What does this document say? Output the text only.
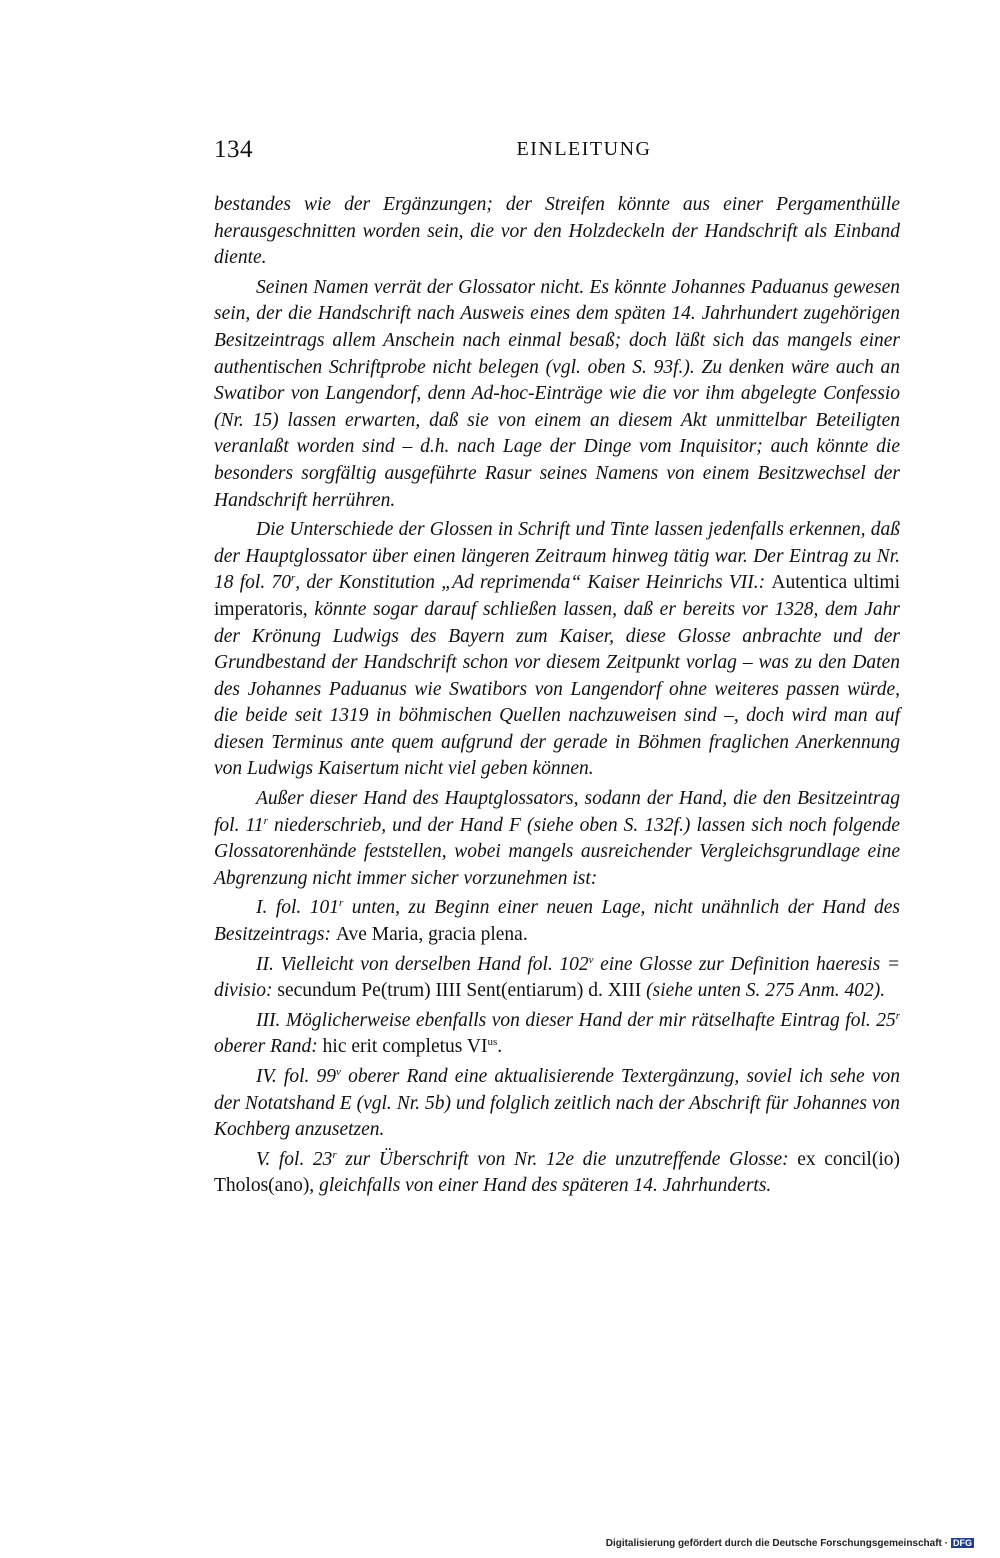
134	EINLEITUNG

bestandes wie der Ergänzungen; der Streifen könnte aus einer Pergamenthülle herausgeschnitten worden sein, die vor den Holzdeckeln der Handschrift als Einband diente.

Seinen Namen verrät der Glossator nicht. Es könnte Johannes Paduanus gewesen sein, der die Handschrift nach Ausweis eines dem späten 14. Jahrhundert zugehörigen Besitzeintrags allem Anschein nach einmal besaß; doch läßt sich das mangels einer authentischen Schriftprobe nicht belegen (vgl. oben S. 93f.). Zu denken wäre auch an Swatibor von Langendorf, denn Ad-hoc-Einträge wie die vor ihm abgelegte Confessio (Nr. 15) lassen erwarten, daß sie von einem an diesem Akt unmittelbar Beteiligten veranlaßt worden sind – d.h. nach Lage der Dinge vom Inquisitor; auch könnte die besonders sorgfältig ausgeführte Rasur seines Namens von einem Besitzwechsel der Handschrift herrühren.

Die Unterschiede der Glossen in Schrift und Tinte lassen jedenfalls erkennen, daß der Hauptglossator über einen längeren Zeitraum hinweg tätig war. Der Eintrag zu Nr. 18 fol. 70$^r$, der Konstitution „Ad reprimenda“ Kaiser Heinrichs VII.: Autentica ultimi imperatoris, könnte sogar darauf schließen lassen, daß er bereits vor 1328, dem Jahr der Krönung Ludwigs des Bayern zum Kaiser, diese Glosse anbrachte und der Grundbestand der Handschrift schon vor diesem Zeitpunkt vorlag – was zu den Daten des Johannes Paduanus wie Swatibors von Langendorf ohne weiteres passen würde, die beide seit 1319 in böhmischen Quellen nachzuweisen sind –, doch wird man auf diesen Terminus ante quem aufgrund der gerade in Böhmen fraglichen Anerkennung von Ludwigs Kaisertum nicht viel geben können.

Außer dieser Hand des Hauptglossators, sodann der Hand, die den Besitzeintrag fol. 11$^r$ niederschrieb, und der Hand F (siehe oben S. 132f.) lassen sich noch folgende Glossatorenhände feststellen, wobei mangels ausreichender Vergleichsgrundlage eine Abgrenzung nicht immer sicher vorzunehmen ist:

I. fol. 101$^r$ unten, zu Beginn einer neuen Lage, nicht unähnlich der Hand des Besitzeintrags: Ave Maria, gracia plena.

II. Vielleicht von derselben Hand fol. 102$^v$ eine Glosse zur Definition haeresis = divisio: secundum Pe(trum) IIII Sent(entiarum) d. XIII (siehe unten S. 275 Anm. 402).

III. Möglicherweise ebenfalls von dieser Hand der mir rätselhafte Eintrag fol. 25$^r$ oberer Rand: hic erit completus $VI^{us}$.

IV. fol. 99$^v$ oberer Rand eine aktualisierende Textergänzung, soviel ich sehe von der Notatshand E (vgl. Nr. 5b) und folglich zeitlich nach der Abschrift für Johannes von Kochberg anzusetzen.

V. fol. 23$^r$ zur Überschrift von Nr. 12e die unzutreffende Glosse: ex concil(io) Tholos(ano), gleichfalls von einer Hand des späteren 14. Jahrhunderts.

Digitalisierung gefördert durch die Deutsche Forschungsgemeinschaft · DFG
